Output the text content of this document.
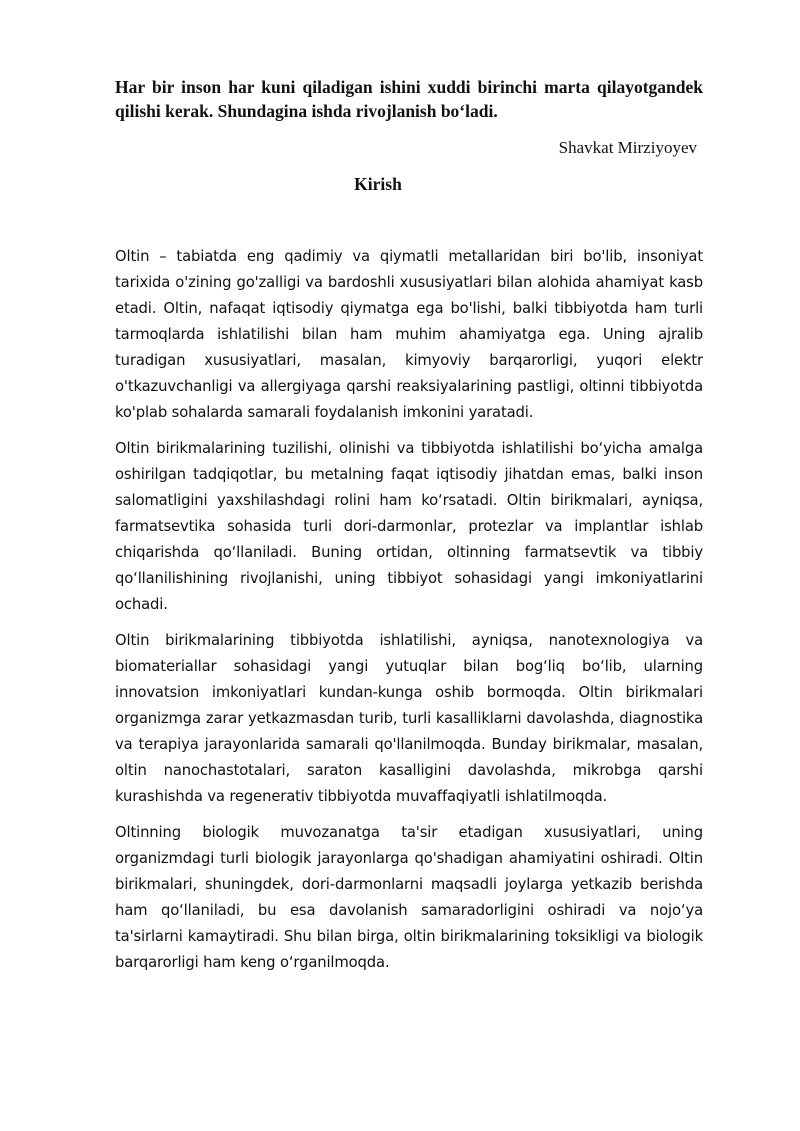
Har bir inson har kuni qiladigan ishini xuddi birinchi marta qilayotgandek qilishi kerak. Shundagina ishda rivojlanish bo‘ladi.
Shavkat Mirziyoyev
Kirish

Oltin – tabiatda eng qadimiy va qiymatli metallaridan biri bo'lib, insoniyat tarixida o'zining go'zalligi va bardoshli xususiyatlari bilan alohida ahamiyat kasb etadi. Oltin, nafaqat iqtisodiy qiymatga ega bo'lishi, balki tibbiyotda ham turli tarmoqlarda ishlatilishi bilan ham muhim ahamiyatga ega. Uning ajralib turadigan xususiyatlari, masalan, kimyoviy barqarorligi, yuqori elektr o'tkazuvchanligi va allergiyaga qarshi reaksiyalarining pastligi, oltinni tibbiyotda ko'plab sohalarda samarali foydalanish imkonini yaratadi.

Oltin birikmalarining tuzilishi, olinishi va tibbiyotda ishlatilishi bo‘yicha amalga oshirilgan tadqiqotlar, bu metalning faqat iqtisodiy jihatdan emas, balki inson salomatligini yaxshilashdagi rolini ham ko‘rsatadi. Oltin birikmalari, ayniqsa, farmatsevtika sohasida turli dori-darmonlar, protezlar va implantlar ishlab chiqarishda qo‘llaniladi. Buning ortidan, oltinning farmatsevtik va tibbiy qo‘llanilishining rivojlanishi, uning tibbiyot sohasidagi yangi imkoniyatlarini ochadi.

Oltin birikmalarining tibbiyotda ishlatilishi, ayniqsa, nanotexnologiya va biomateriallar sohasidagi yangi yutuqlar bilan bog‘liq bo‘lib, ularning innovatsion imkoniyatlari kundan-kunga oshib bormoqda. Oltin birikmalari organizmga zarar yetkazmasdan turib, turli kasalliklarni davolashda, diagnostika va terapiya jarayonlarida samarali qo'llanilmoqda. Bunday birikmalar, masalan, oltin nanochastotalari, saraton kasalligini davolashda, mikrobga qarshi kurashishda va regenerativ tibbiyotda muvaffaqiyatli ishlatilmoqda.

Oltinning biologik muvozanatga ta'sir etadigan xususiyatlari, uning organizmdagi turli biologik jarayonlarga qo'shadigan ahamiyatini oshiradi. Oltin birikmalari, shuningdek, dori-darmonlarni maqsadli joylarga yetkazib berishda ham qo‘llaniladi, bu esa davolanish samaradorligini oshiradi va nojo‘ya ta'sirlarni kamaytiradi. Shu bilan birga, oltin birikmalarining toksikligi va biologik barqarorligi ham keng o‘rganilmoqda.
